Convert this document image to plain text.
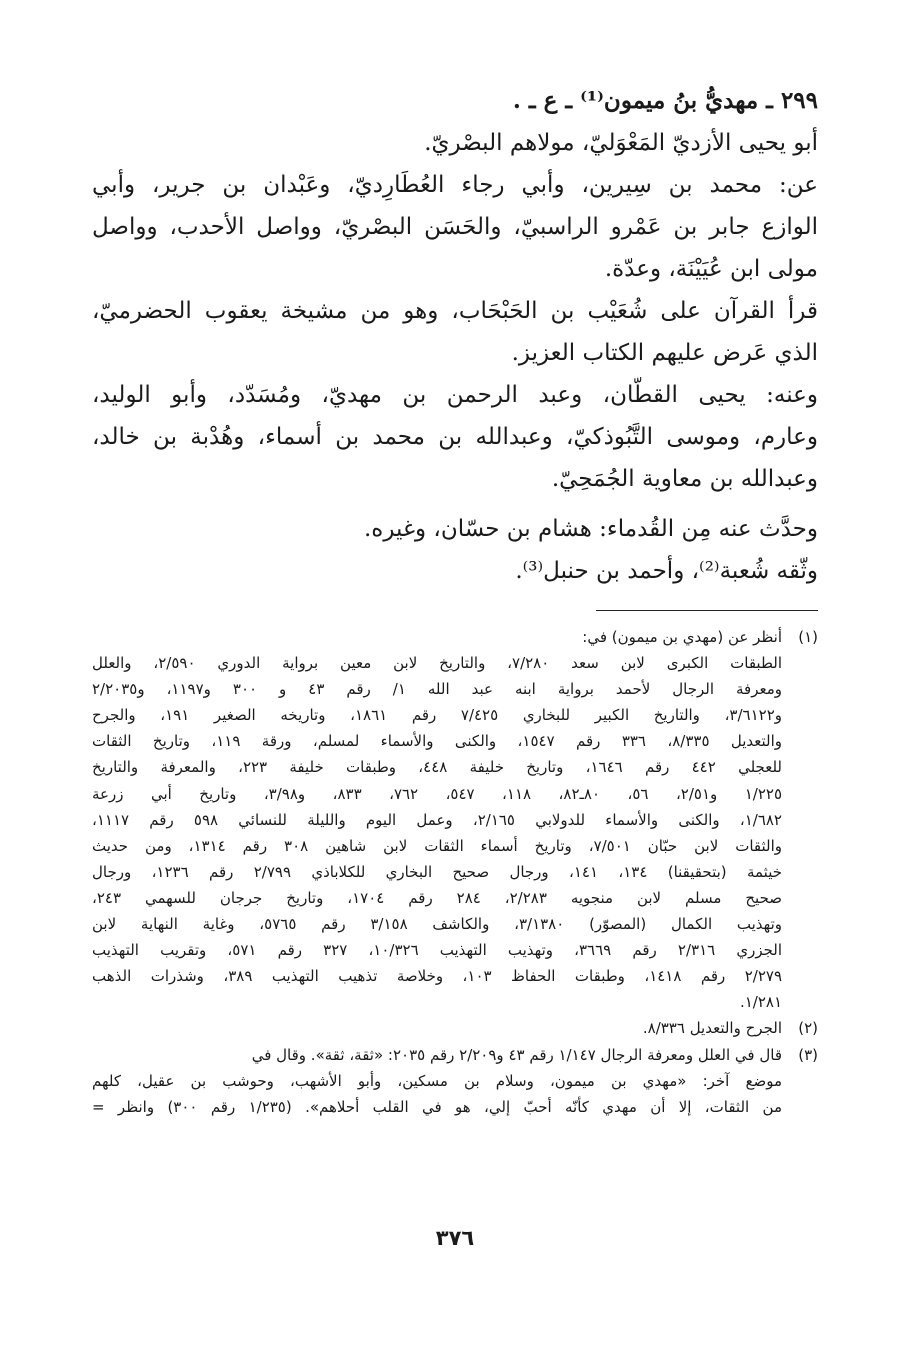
٢٩٩ ـ مهديُّ بنُ ميمون⁽¹⁾ ـ ع ـ .

أبو يحيى الأزديّ المَعْوَليّ، مولاهم البصْريّ.

عن: محمد بن سِيرين، وأبي رجاء العُطَارِديّ، وعَبْدان بن جرير، وأبي

الوازع جابر بن عَمْرو الراسبيّ، والحَسَن البصْريّ، وواصل الأحدب، وواصل

مولى ابن عُيَيْنَة، وعدّة.

قرأ القرآن على شُعَيْب بن الحَبْحَاب، وهو من مشيخة يعقوب الحضرميّ،

الذي عَرض عليهم الكتاب العزيز.

وعنه: يحيى القطّان، وعبد الرحمن بن مهديّ، ومُسَدّد، وأبو الوليد،

وعارم، وموسى التَّبُوذكيّ، وعبدالله بن محمد بن أسماء، وهُدْبة بن خالد،

وعبدالله بن معاوية الجُمَحِيّ.

وحدَّث عنه مِن القُدماء: هشام بن حسّان، وغيره.

وثّقه شُعبة⁽²⁾، وأحمد بن حنبل⁽³⁾.

(١)أنظر عن (مهدي بن ميمون) في:
الطبقات الكبرى لابن سعد ٧/٢٨٠، والتاريخ لابن معين برواية الدوري ٢/٥٩٠، والعلل
ومعرفة الرجال لأحمد برواية ابنه عبد الله ١/ رقم ٤٣ و ٣٠٠ و١١٩٧، و٢/٢٠٣٥
و٣/٦١٢٢، والتاريخ الكبير للبخاري ٧/٤٢٥ رقم ١٨٦١، وتاريخه الصغير ١٩١، والجرح
والتعديل ٨/٣٣٥، ٣٣٦ رقم ١٥٤٧، والكنى والأسماء لمسلم، ورقة ١١٩، وتاريخ الثقات
للعجلي ٤٤٢ رقم ١٦٤٦، وتاريخ خليفة ٤٤٨، وطبقات خليفة ٢٢٣، والمعرفة والتاريخ
١/٢٢٥ و٢/٥١، ٥٦، ٨٠ـ٨٢، ١١٨، ٥٤٧، ٧٦٢، ٨٣٣، و٣/٩٨، وتاريخ أبي زرعة
١/٦٨٢، والكنى والأسماء للدولابي ٢/١٦٥، وعمل اليوم والليلة للنسائي ٥٩٨ رقم ١١١٧،
والثقات لابن حبّان ٧/٥٠١، وتاريخ أسماء الثقات لابن شاهين ٣٠٨ رقم ١٣١٤، ومن حديث
خيثمة (بتحقيقنا) ١٣٤، ١٤١، ورجال صحيح البخاري للكلاباذي ٢/٧٩٩ رقم ١٢٣٦، ورجال
صحيح مسلم لابن منجويه ٢/٢٨٣، ٢٨٤ رقم ١٧٠٤، وتاريخ جرجان للسهمي ٢٤٣،
وتهذيب الكمال (المصوّر) ٣/١٣٨٠، والكاشف ٣/١٥٨ رقم ٥٧٦٥، وغاية النهاية لابن
الجزري ٢/٣١٦ رقم ٣٦٦٩، وتهذيب التهذيب ١٠/٣٢٦، ٣٢٧ رقم ٥٧١، وتقريب التهذيب
٢/٢٧٩ رقم ١٤١٨، وطبقات الحفاظ ١٠٣، وخلاصة تذهيب التهذيب ٣٨٩، وشذرات الذهب
١/٢٨١.
(٢)الجرح والتعديل ٨/٣٣٦.
(٣)قال في العلل ومعرفة الرجال ١/١٤٧ رقم ٤٣ و٢/٢٠٩ رقم ٢٠٣٥: «ثقة، ثقة». وقال في
موضع آخر: «مهدي بن ميمون، وسلام بن مسكين، وأبو الأشهب، وحوشب بن عقيل، كلهم
من الثقات، إلا أن مهدي كأنّه أحبّ إلي، هو في القلب أحلاهم». (١/٢٣٥ رقم ٣٠٠) وانظر =
٣٧٦
